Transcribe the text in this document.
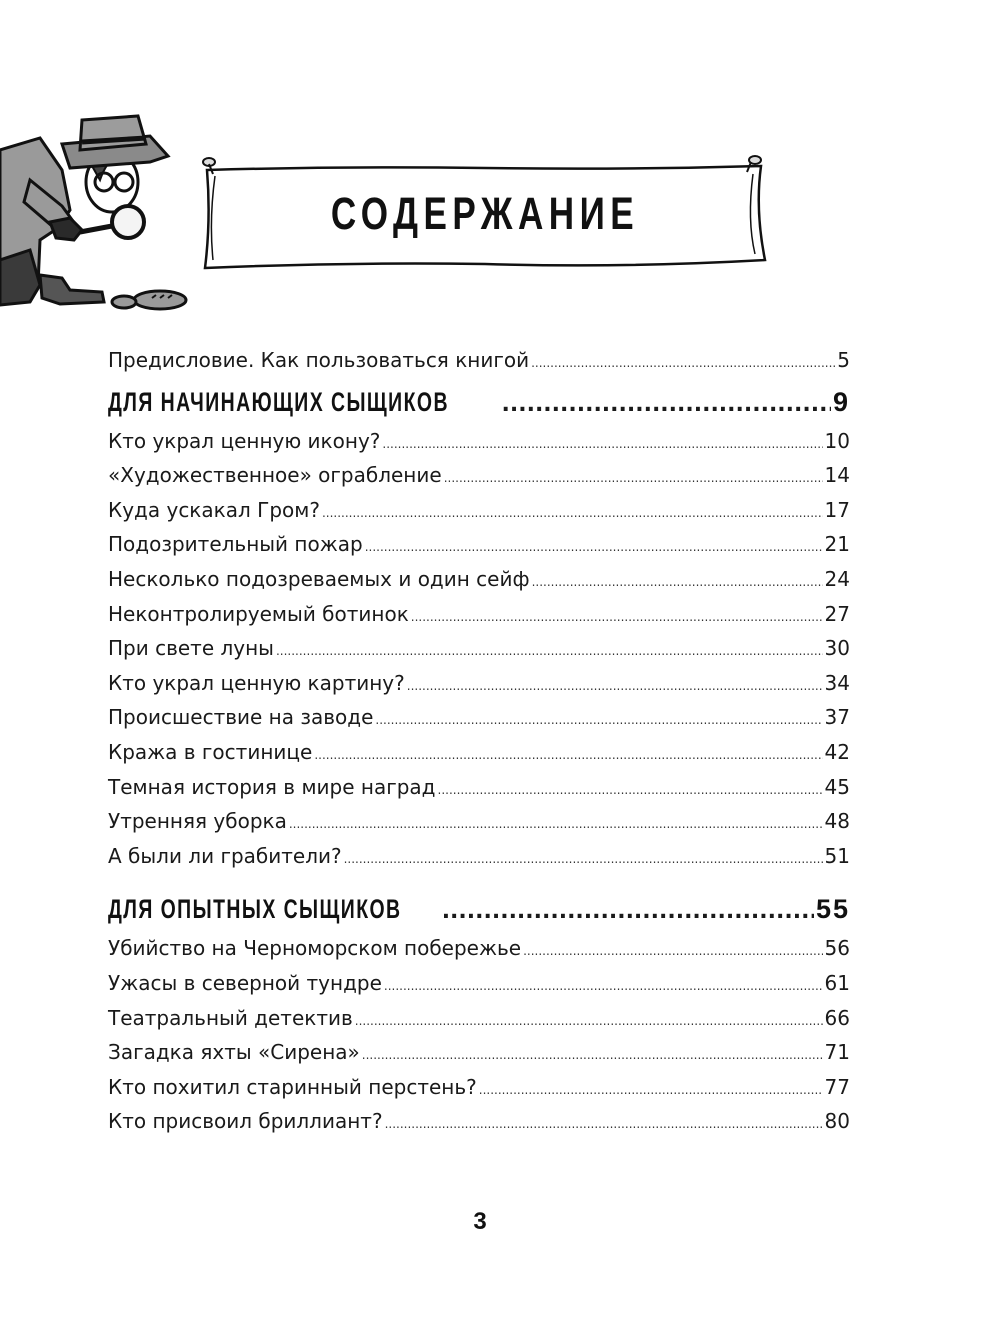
СОДЕРЖАНИЕ
Предисловие. Как пользоваться книгой .....	5
ДЛЯ НАЧИНАЮЩИХ СЫЩИКОВ .....	9
Кто украл ценную икону? .....	10
«Художественное» ограбление .....	14
Куда ускакал Гром? .....	17
Подозрительный пожар .....	21
Несколько подозреваемых и один сейф .....	24
Неконтролируемый ботинок .....	27
При свете луны .....	30
Кто украл ценную картину? .....	34
Происшествие на заводе .....	37
Кража в гостинице .....	42
Темная история в мире наград .....	45
Утренняя уборка .....	48
А были ли грабители? .....	51
ДЛЯ ОПЫТНЫХ СЫЩИКОВ .....	55
Убийство на Черноморском побережье .....	56
Ужасы в северной тундре .....	61
Театральный детектив .....	66
Загадка яхты «Сирена» .....	71
Кто похитил старинный перстень? .....	77
Кто присвоил бриллиант? .....	80
3
